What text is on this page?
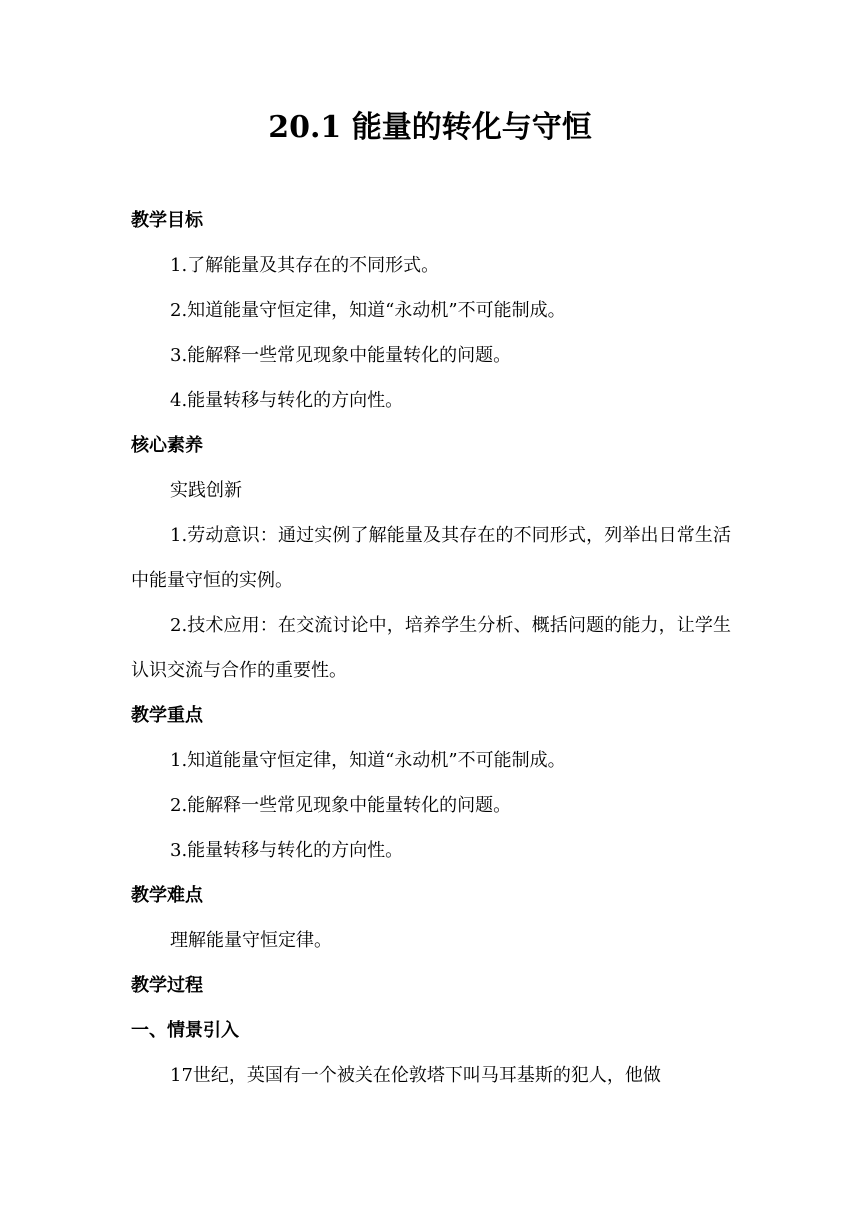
20.1 能量的转化与守恒
教学目标
1.了解能量及其存在的不同形式。
2.知道能量守恒定律，知道“永动机”不可能制成。
3.能解释一些常见现象中能量转化的问题。
4.能量转移与转化的方向性。
核心素养
实践创新
1.劳动意识：通过实例了解能量及其存在的不同形式，列举出日常生活中能量守恒的实例。
2.技术应用：在交流讨论中，培养学生分析、概括问题的能力，让学生认识交流与合作的重要性。
教学重点
1.知道能量守恒定律，知道“永动机”不可能制成。
2.能解释一些常见现象中能量转化的问题。
3.能量转移与转化的方向性。
教学难点
理解能量守恒定律。
教学过程
一、情景引入
17世纪，英国有一个被关在伦敦塔下叫马耳基斯的犯人，他做
